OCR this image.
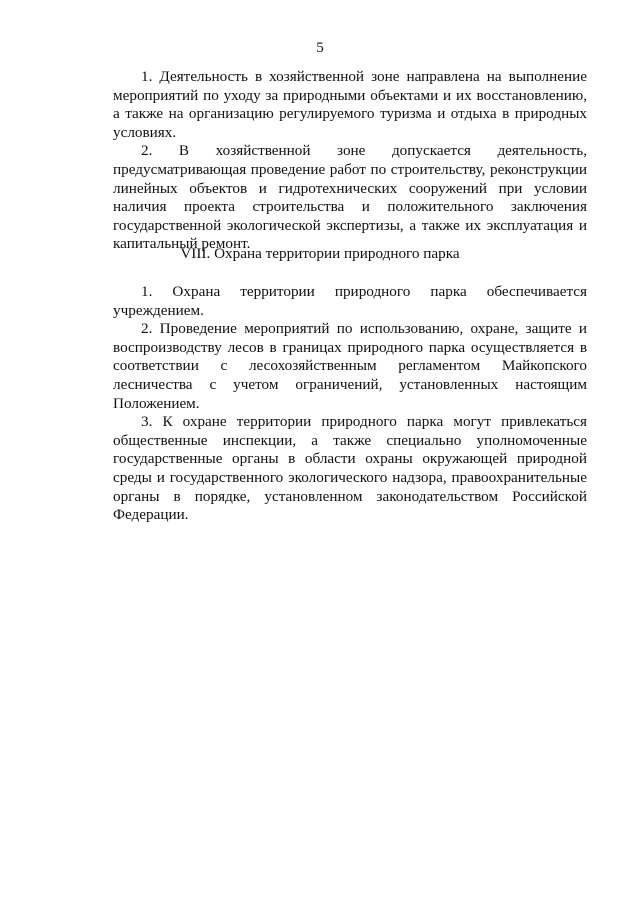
5

1. Деятельность в хозяйственной зоне направлена на выполнение мероприятий по уходу за природными объектами и их восстановлению, а также на организацию регулируемого туризма и отдыха в природных условиях.

2. В хозяйственной зоне допускается деятельность, предусматривающая проведение работ по строительству, реконструкции линейных объектов и гидротехнических сооружений при условии наличия проекта строительства и положительного заключения государственной экологической экспертизы, а также их эксплуатация и капитальный ремонт.

VIII. Охрана территории природного парка

1. Охрана территории природного парка обеспечивается учреждением.

2. Проведение мероприятий по использованию, охране, защите и воспроизводству лесов в границах природного парка осуществляется в соответствии с лесохозяйственным регламентом Майкопского лесничества с учетом ограничений, установленных настоящим Положением.

3. К охране территории природного парка могут привлекаться общественные инспекции, а также специально уполномоченные государственные органы в области охраны окружающей природной среды и государственного экологического надзора, правоохранительные органы в порядке, установленном законодательством Российской Федерации.
